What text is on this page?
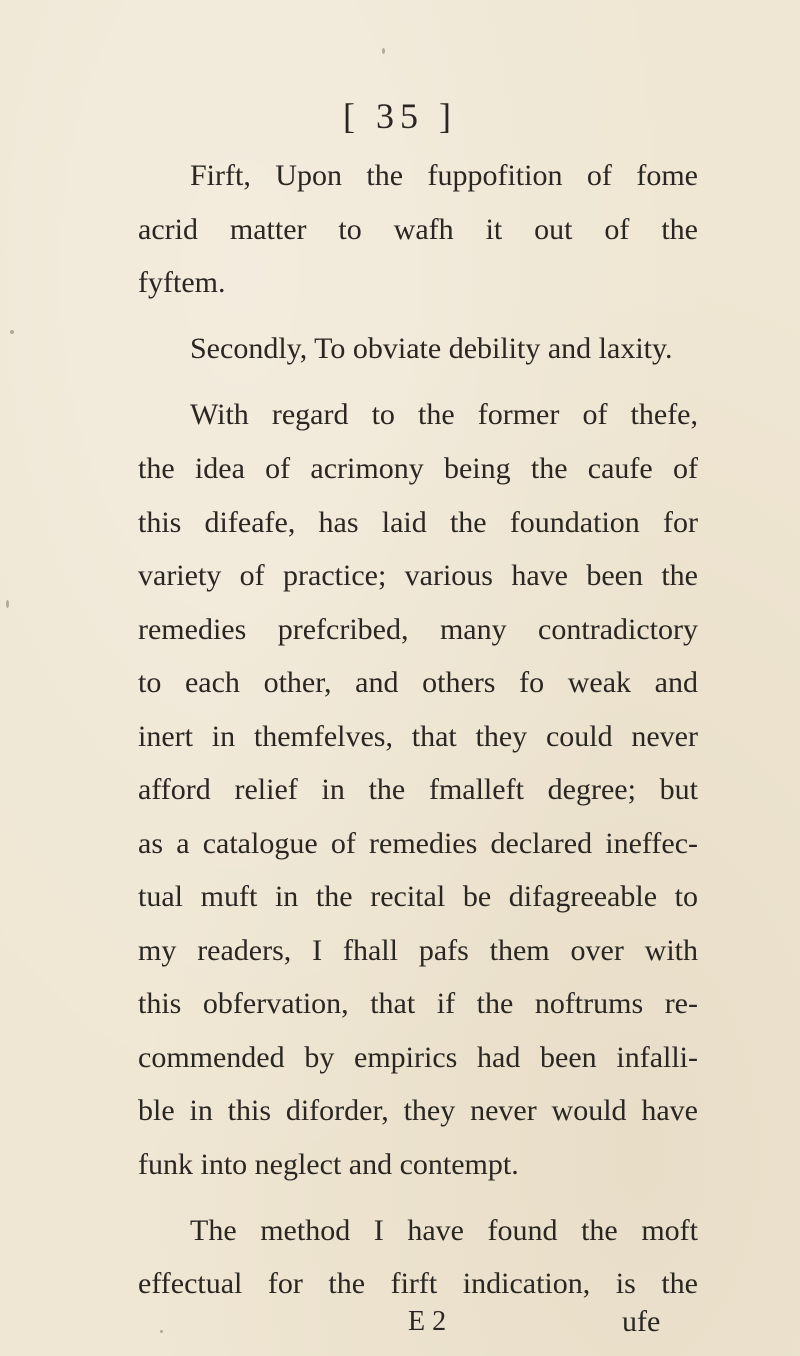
[ 35 ]
Firft, Upon the fuppofition of fome
acrid matter to wafh it out of the
fyftem.
Secondly, To obviate debility and laxity.
With regard to the former of thefe,
the idea of acrimony being the caufe of
this difeafe, has laid the foundation for
variety of practice; various have been the
remedies prefcribed, many contradictory
to each other, and others fo weak and
inert in themfelves, that they could never
afford relief in the fmalleft degree; but
as a catalogue of remedies declared ineffec-
tual muft in the recital be difagreeable to
my readers, I fhall pafs them over with
this obfervation, that if the noftrums re-
commended by empirics had been infalli-
ble in this diforder, they never would have
funk into neglect and contempt.
The method I have found the moft
effectual for the firft indication, is the
E 2	ufe
